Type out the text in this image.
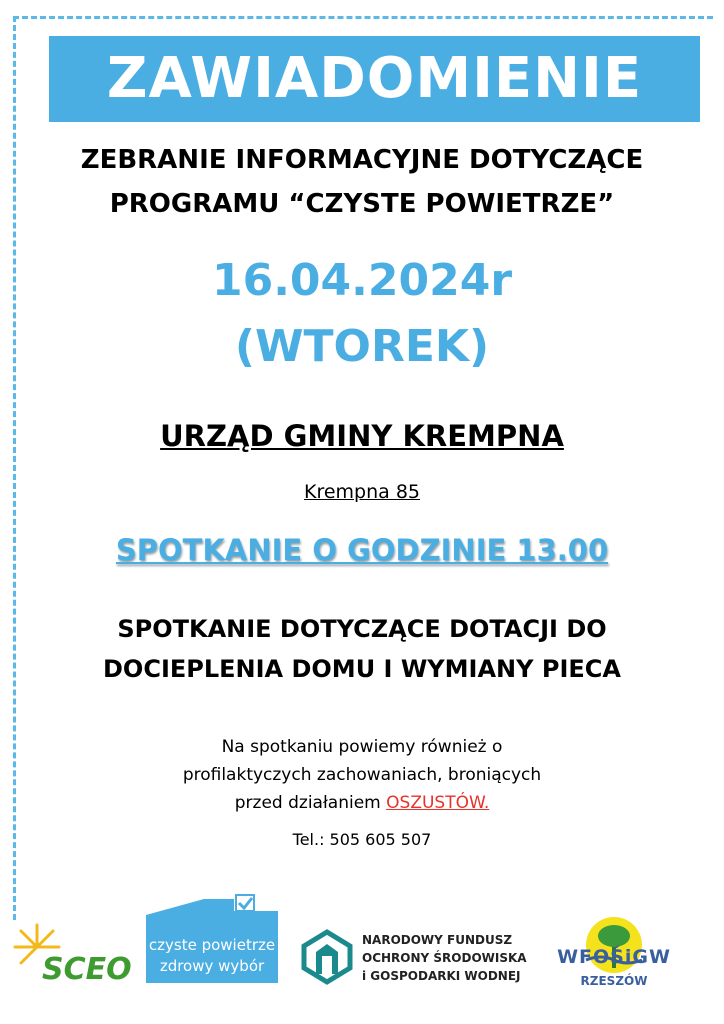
ZAWIADOMIENIE
ZEBRANIE INFORMACYJNE DOTYCZĄCE
PROGRAMU “CZYSTE POWIETRZE”
16.04.2024r
(WTOREK)
URZĄD GMINY KREMPNA
Krempna 85
SPOTKANIE O GODZINIE 13.00
SPOTKANIE DOTYCZĄCE DOTACJI DO
DOCIEPLENIA DOMU I WYMIANY PIECA
Na spotkaniu powiemy również o
profilaktyczych zachowaniach, broniących
przed działaniem OSZUSTÓW.
Tel.: 505 605 507
SCEO
czyste powietrze
zdrowy wybór
NARODOWY FUNDUSZ
OCHRONY ŚRODOWISKA
i GOSPODARKI WODNEJ
WFOŚiGW
RZESZÓW
